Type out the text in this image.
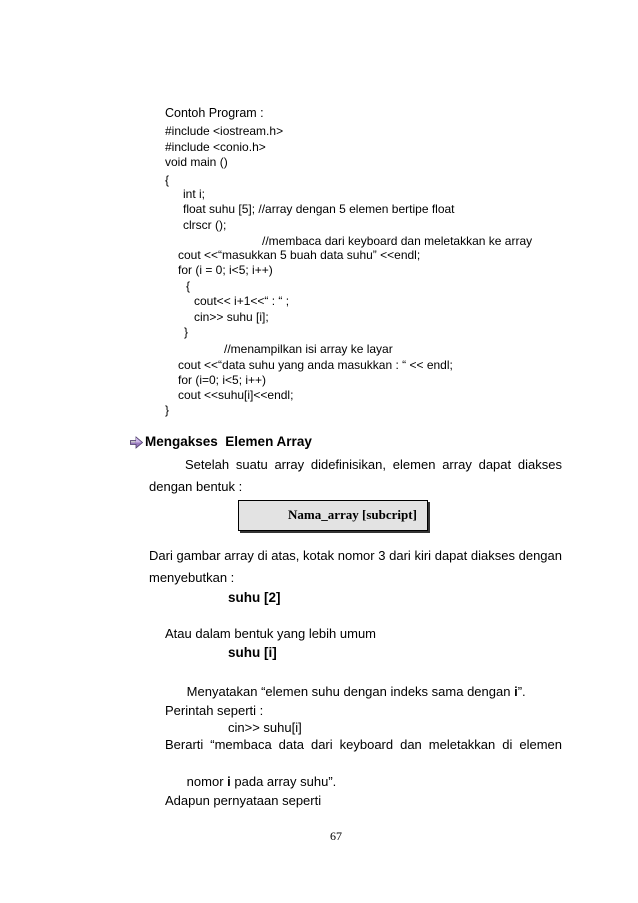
Contoh Program :
#include <iostream.h>
#include <conio.h>
void main ()
{
int i;
float suhu [5]; //array dengan 5 elemen bertipe float
clrscr ();
//membaca dari keyboard dan meletakkan ke array
cout <<“masukkan 5 buah data suhu” <<endl;
for (i = 0; i<5; i++)
{
cout<< i+1<<“ : “ ;
cin>> suhu [i];
}
//menampilkan isi array ke layar
cout <<“data suhu yang anda masukkan : “ << endl;
for (i=0; i<5; i++)
cout <<suhu[i]<<endl;
}
Mengakses  Elemen Array
Setelah suatu array didefinisikan, elemen array dapat diakses
dengan bentuk :
Nama_array [subcript]
Dari gambar array di atas, kotak nomor 3 dari kiri dapat diakses dengan
menyebutkan :
suhu [2]
Atau dalam bentuk yang lebih umum
suhu [i]

Menyatakan “elemen suhu dengan indeks sama dengan i”.

Perintah seperti :
cin>> suhu[i]
Berarti “membaca data dari keyboard dan meletakkan di elemen

nomor i pada array suhu”.

Adapun pernyataan seperti
67
